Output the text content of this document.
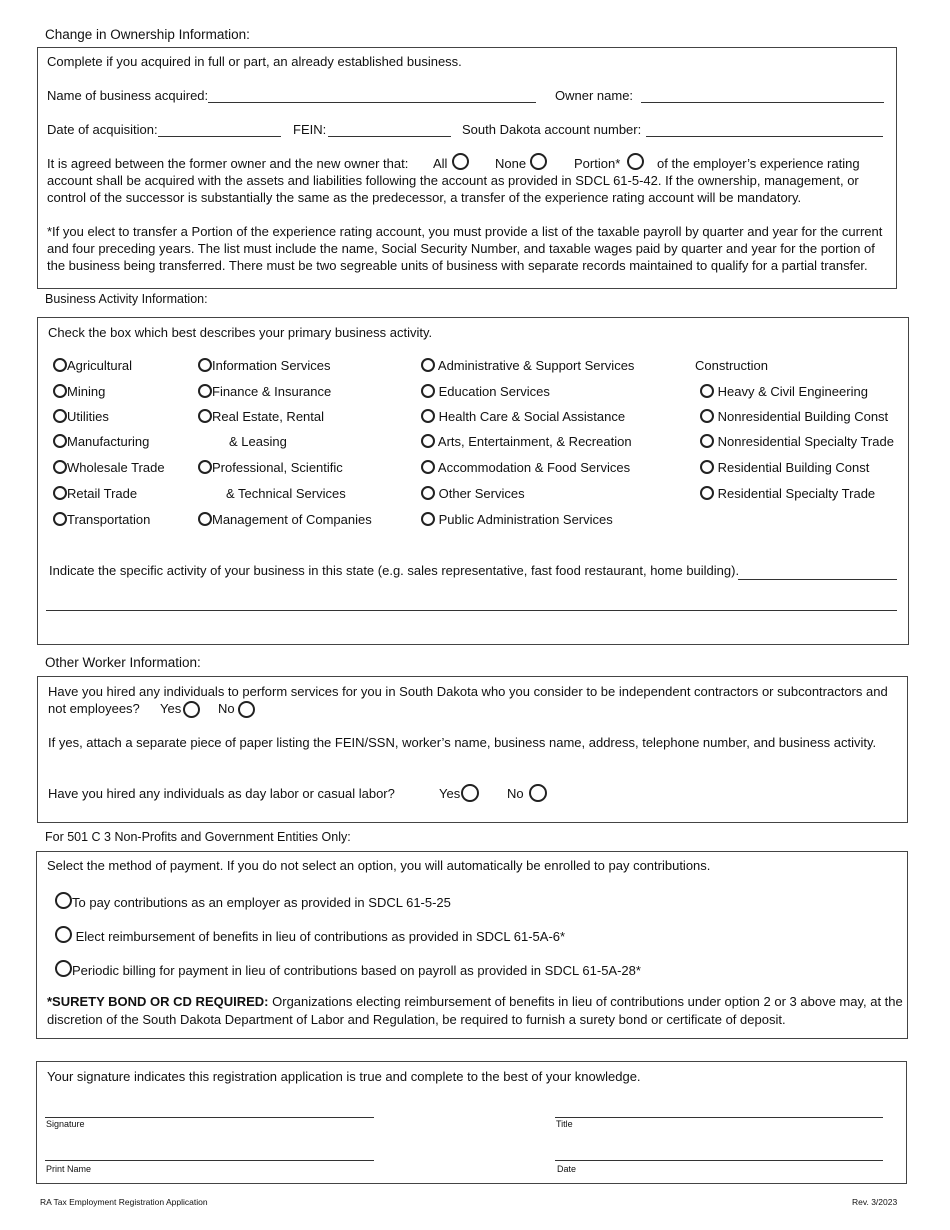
Change in Ownership Information:
Complete if you acquired in full or part, an already established business.
Name of business acquired:	Owner name:
Date of acquisition:	FEIN:	South Dakota account number:
It is agreed between the former owner and the new owner that: All	None	Portion*	of the employer’s experience rating
account shall be acquired with the assets and liabilities following the account as provided in SDCL 61-5-42. If the ownership, management, or
control of the successor is substantially the same as the predecessor, a transfer of the experience rating account will be mandatory.
*If you elect to transfer a Portion of the experience rating account, you must provide a list of the taxable payroll by quarter and year for the current
and four preceding years. The list must include the name, Social Security Number, and taxable wages paid by quarter and year for the portion of
the business being transferred. There must be two segreable units of business with separate records maintained to qualify for a partial transfer.
Business Activity Information:
Check the box which best describes your primary business activity.
Agricultural
Mining
Utilities
Manufacturing
Wholesale Trade
Retail Trade
Transportation
Information Services
Finance & Insurance
Real Estate, Rental
& Leasing
Professional, Scientific
& Technical Services
Management of Companies
Administrative & Support Services
Education Services
Health Care & Social Assistance
Arts, Entertainment, & Recreation
Accommodation & Food Services
Other Services
Public Administration Services
Construction
Heavy & Civil Engineering
Nonresidential Building Const
Nonresidential Specialty Trade
Residential Building Const
Residential Specialty Trade
Indicate the specific activity of your business in this state (e.g. sales representative, fast food restaurant, home building).
Other Worker Information:
Have you hired any individuals to perform services for you in South Dakota who you consider to be independent contractors or subcontractors and
not employees? Yes	No
If yes, attach a separate piece of paper listing the FEIN/SSN, worker’s name, business name, address, telephone number, and business activity.
Have you hired any individuals as day labor or casual labor?	Yes	No
For 501 C 3 Non-Profits and Government Entities Only:
Select the method of payment. If you do not select an option, you will automatically be enrolled to pay contributions.
To pay contributions as an employer as provided in SDCL 61-5-25
Elect reimbursement of benefits in lieu of contributions as provided in SDCL 61-5A-6*
Periodic billing for payment in lieu of contributions based on payroll as provided in SDCL 61-5A-28*
*SURETY BOND OR CD REQUIRED: Organizations electing reimbursement of benefits in lieu of contributions under option 2 or 3 above may, at the
discretion of the South Dakota Department of Labor and Regulation, be required to furnish a surety bond or certificate of deposit.
Your signature indicates this registration application is true and complete to the best of your knowledge.
Signature	Title
Print Name	Date
RA Tax Employment Registration Application	Rev. 3/2023
